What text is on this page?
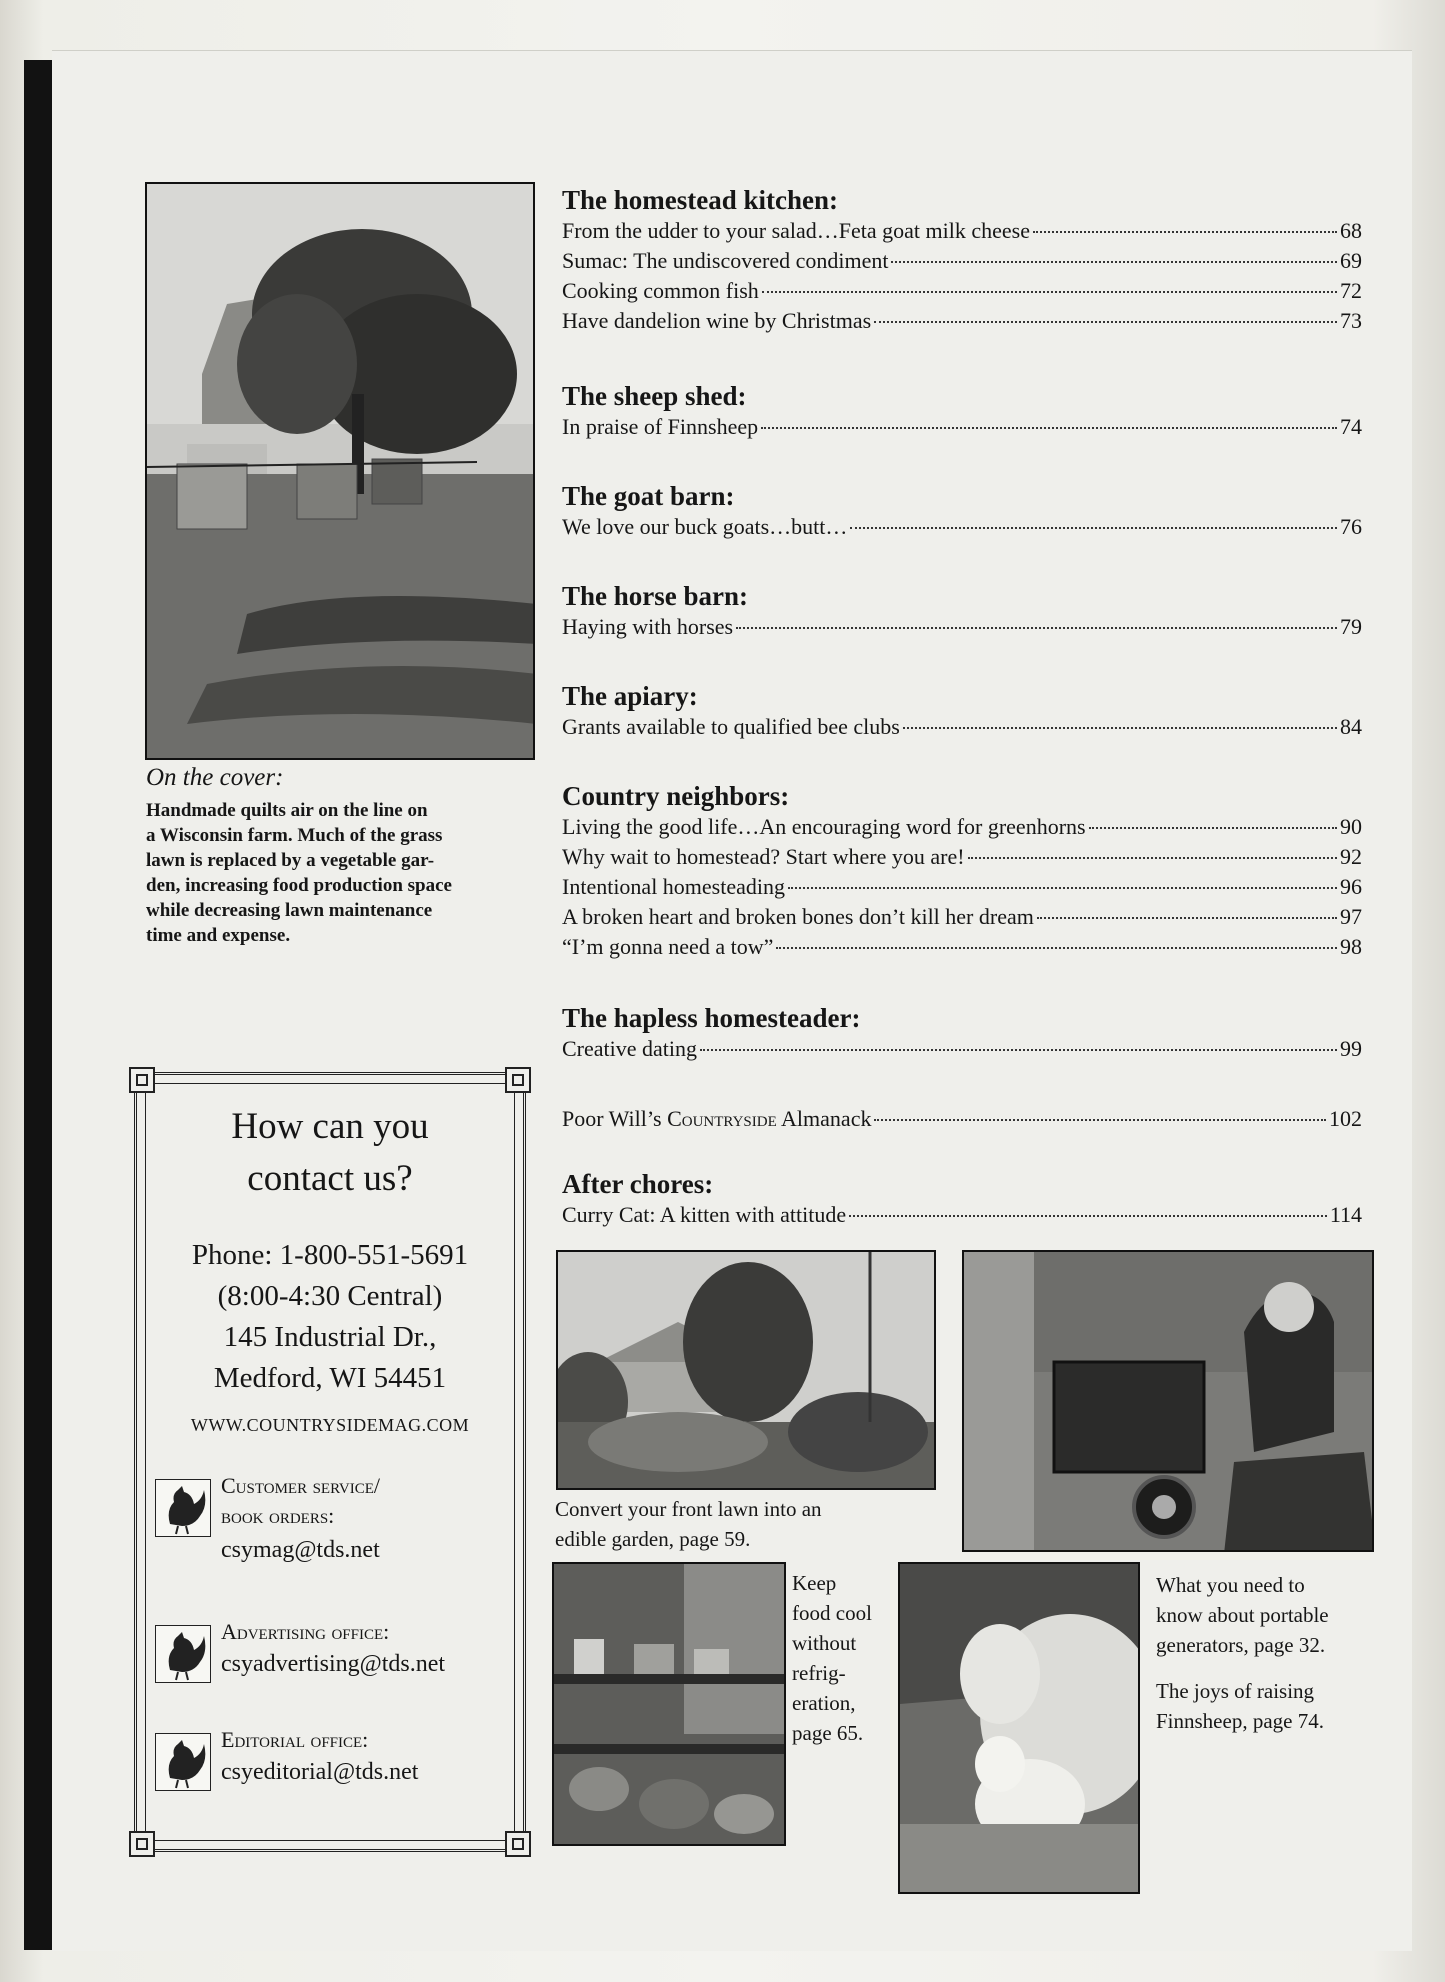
On the cover:
Handmade quilts air on the line on
a Wisconsin farm. Much of the grass
lawn is replaced by a vegetable gar-
den, increasing food production space
while decreasing lawn maintenance
time and expense.
How can you
contact us?
Phone: 1-800-551-5691
(8:00-4:30 Central)
145 Industrial Dr.,
Medford, WI 54451
WWW.COUNTRYSIDEMAG.COM
Customer service/
book orders:
csymag@tds.net
Advertising office:
csyadvertising@tds.net
Editorial office:
csyeditorial@tds.net
The homestead kitchen:
From the udder to your salad…Feta goat milk cheese	68
Sumac: The undiscovered condiment	69
Cooking common fish	72
Have dandelion wine by Christmas	73
The sheep shed:
In praise of Finnsheep	74
The goat barn:
We love our buck goats…butt…	76
The horse barn:
Haying with horses	79
The apiary:
Grants available to qualified bee clubs	84
Country neighbors:
Living the good life…An encouraging word for greenhorns	90
Why wait to homestead? Start where you are!	92
Intentional homesteading	96
A broken heart and broken bones don’t kill her dream	97
“I’m gonna need a tow”	98
The hapless homesteader:
Creative dating	99
Poor Will’s Countryside Almanack	102
After chores:
Curry Cat: A kitten with attitude	114
Convert your front lawn into an
edible garden, page 59.
What you need to
know about portable
generators, page 32.
Keep
food cool
without
refrig-
eration,
page 65.
The joys of raising
Finnsheep, page 74.
